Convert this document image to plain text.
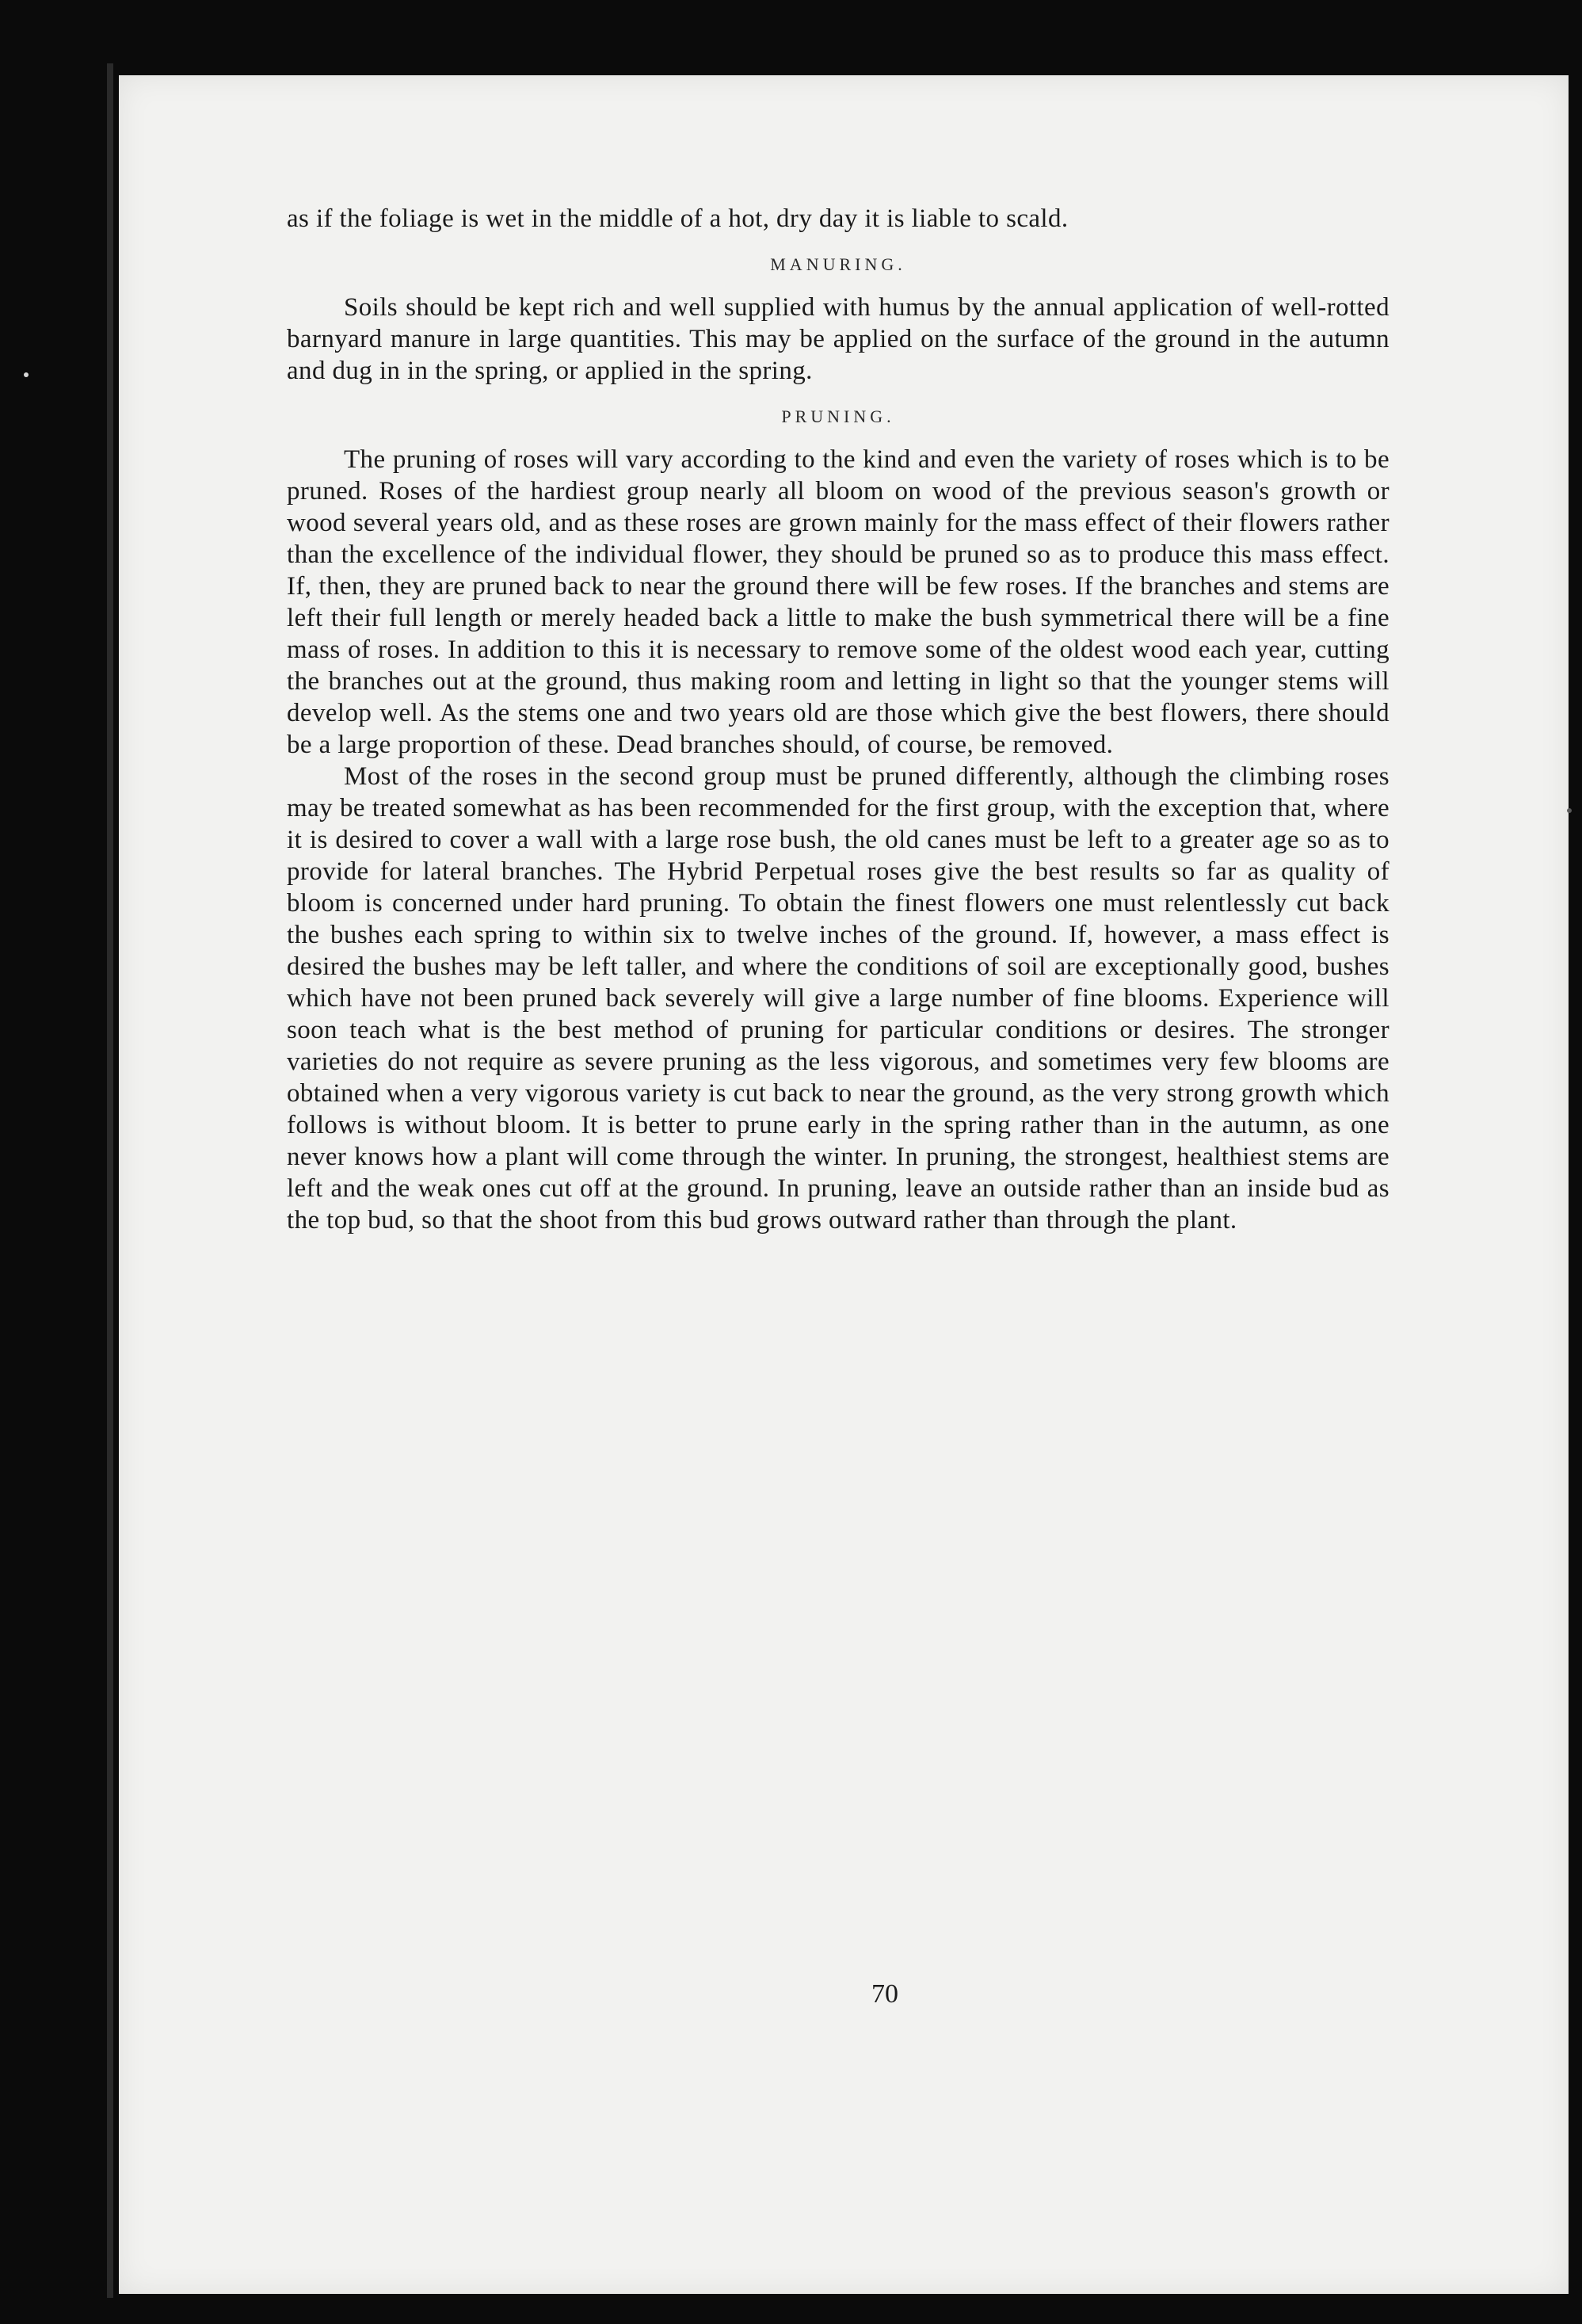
as if the foliage is wet in the middle of a hot, dry day it is liable to scald.

MANURING.

Soils should be kept rich and well supplied with humus by the annual application of well-rotted barnyard manure in large quantities. This may be applied on the surface of the ground in the autumn and dug in in the spring, or applied in the spring.

PRUNING.

The pruning of roses will vary according to the kind and even the variety of roses which is to be pruned. Roses of the hardiest group nearly all bloom on wood of the previous season's growth or wood several years old, and as these roses are grown mainly for the mass effect of their flowers rather than the excellence of the individual flower, they should be pruned so as to produce this mass effect. If, then, they are pruned back to near the ground there will be few roses. If the branches and stems are left their full length or merely headed back a little to make the bush symmetrical there will be a fine mass of roses. In addition to this it is necessary to remove some of the oldest wood each year, cutting the branches out at the ground, thus making room and letting in light so that the younger stems will develop well. As the stems one and two years old are those which give the best flowers, there should be a large proportion of these. Dead branches should, of course, be removed.

Most of the roses in the second group must be pruned differently, although the climbing roses may be treated somewhat as has been recommended for the first group, with the exception that, where it is desired to cover a wall with a large rose bush, the old canes must be left to a greater age so as to provide for lateral branches. The Hybrid Perpetual roses give the best results so far as quality of bloom is concerned under hard pruning. To obtain the finest flowers one must relentlessly cut back the bushes each spring to within six to twelve inches of the ground. If, however, a mass effect is desired the bushes may be left taller, and where the conditions of soil are exceptionally good, bushes which have not been pruned back severely will give a large number of fine blooms. Experience will soon teach what is the best method of pruning for particular conditions or desires. The stronger varieties do not require as severe pruning as the less vigorous, and sometimes very few blooms are obtained when a very vigorous variety is cut back to near the ground, as the very strong growth which follows is without bloom. It is better to prune early in the spring rather than in the autumn, as one never knows how a plant will come through the winter. In pruning, the strongest, healthiest stems are left and the weak ones cut off at the ground. In pruning, leave an outside rather than an inside bud as the top bud, so that the shoot from this bud grows outward rather than through the plant.

70
